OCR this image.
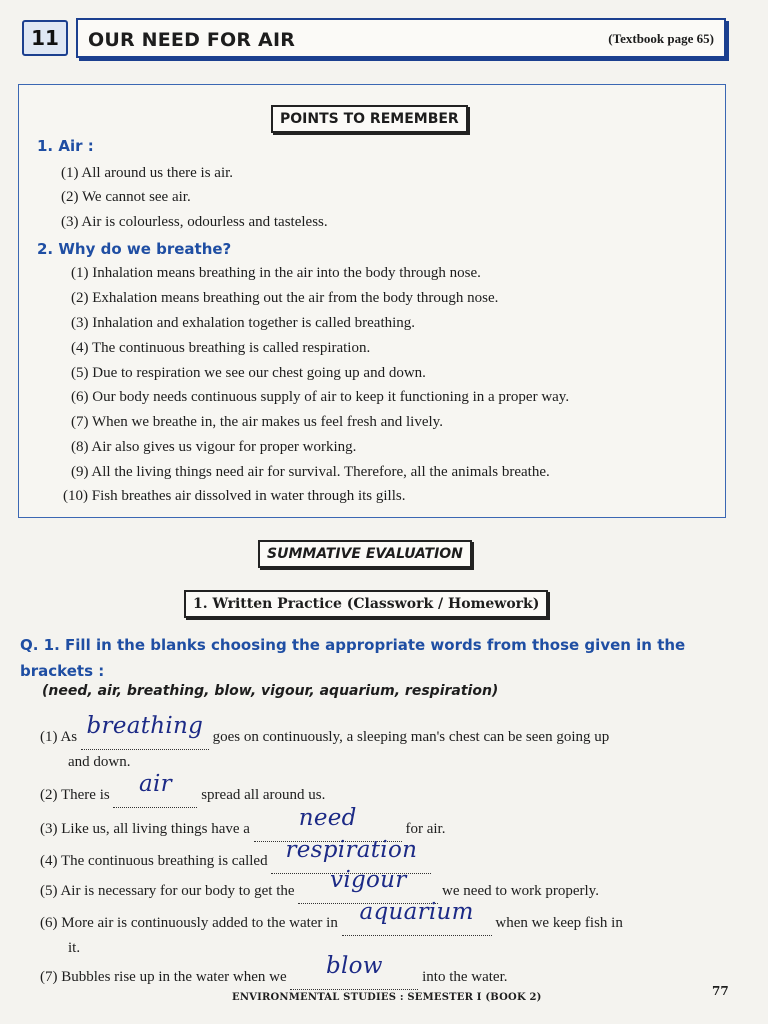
11	OUR NEED FOR AIR	(Textbook page 65)
POINTS TO REMEMBER
1. Air :
(1) All around us there is air.
(2) We cannot see air.
(3) Air is colourless, odourless and tasteless.
2. Why do we breathe?
(1) Inhalation means breathing in the air into the body through nose.
(2) Exhalation means breathing out the air from the body through nose.
(3) Inhalation and exhalation together is called breathing.
(4) The continuous breathing is called respiration.
(5) Due to respiration we see our chest going up and down.
(6) Our body needs continuous supply of air to keep it functioning in a proper way.
(7) When we breathe in, the air makes us feel fresh and lively.
(8) Air also gives us vigour for proper working.
(9) All the living things need air for survival. Therefore, all the animals breathe.
(10) Fish breathes air dissolved in water through its gills.
SUMMATIVE EVALUATION
1. Written Practice (Classwork / Homework)
Q. 1. Fill in the blanks choosing the appropriate words from those given in the brackets :
(need, air, breathing, blow, vigour, aquarium, respiration)
(1) As breathing goes on continuously, a sleeping man's chest can be seen going up
and down.
(2) There is air spread all around us.
(3) Like us, all living things have a need	for air.
(4) The continuous breathing is called respiration
(5) Air is necessary for our body to get the vigour we need to work properly.
(6) More air is continuously added to the water in aquarium when we keep fish in
it.
(7) Bubbles rise up in the water when we blow	into the water.
ENVIRONMENTAL STUDIES : SEMESTER I (BOOK 2)	77
